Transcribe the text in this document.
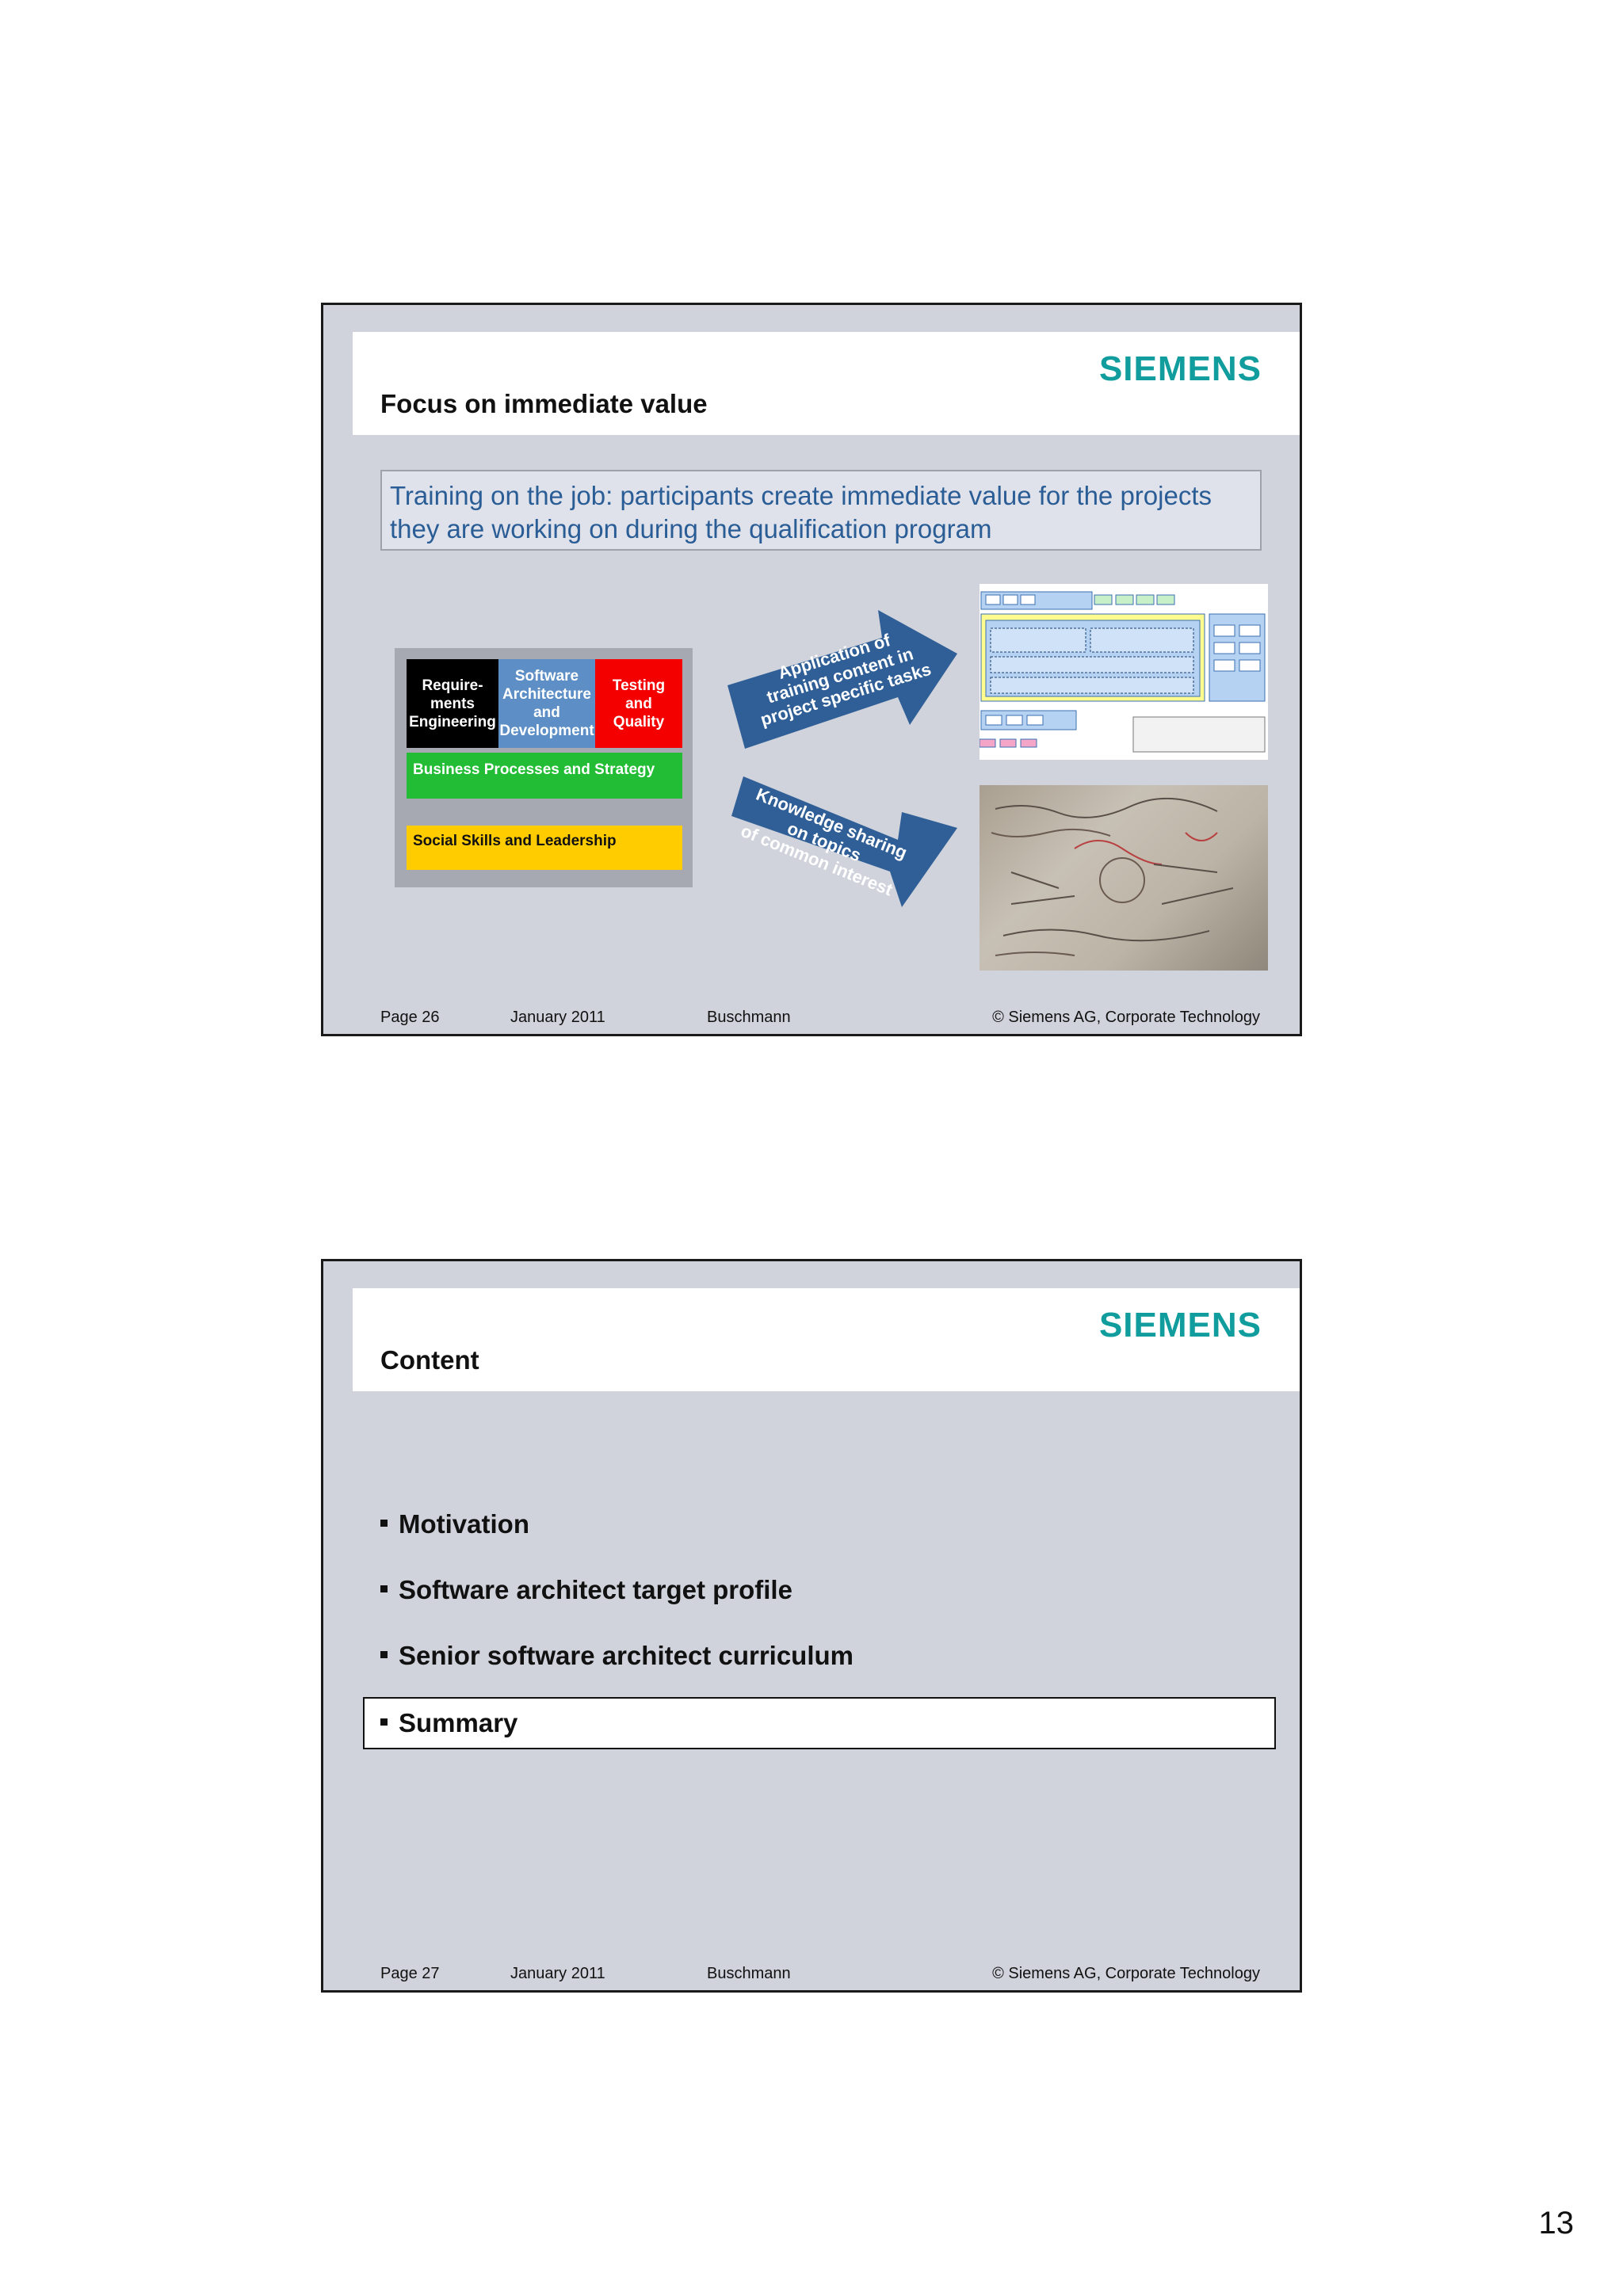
SIEMENS
Focus on immediate value
Training on the job: participants create immediate value for the projects they are working on during the qualification program
Require-
ments
Engineering
Software
Architecture
and
Development
Testing
and
Quality
Business Processes and Strategy
Social Skills and Leadership
Application of
training content in
project specific tasks
Knowledge sharing
on topics
of common interest
Page 26	January 2011	Buschmann	© Siemens AG, Corporate Technology
SIEMENS
Content
Motivation
Software architect target profile
Senior software architect curriculum
Summary
Page 27	January 2011	Buschmann	© Siemens AG, Corporate Technology
13
